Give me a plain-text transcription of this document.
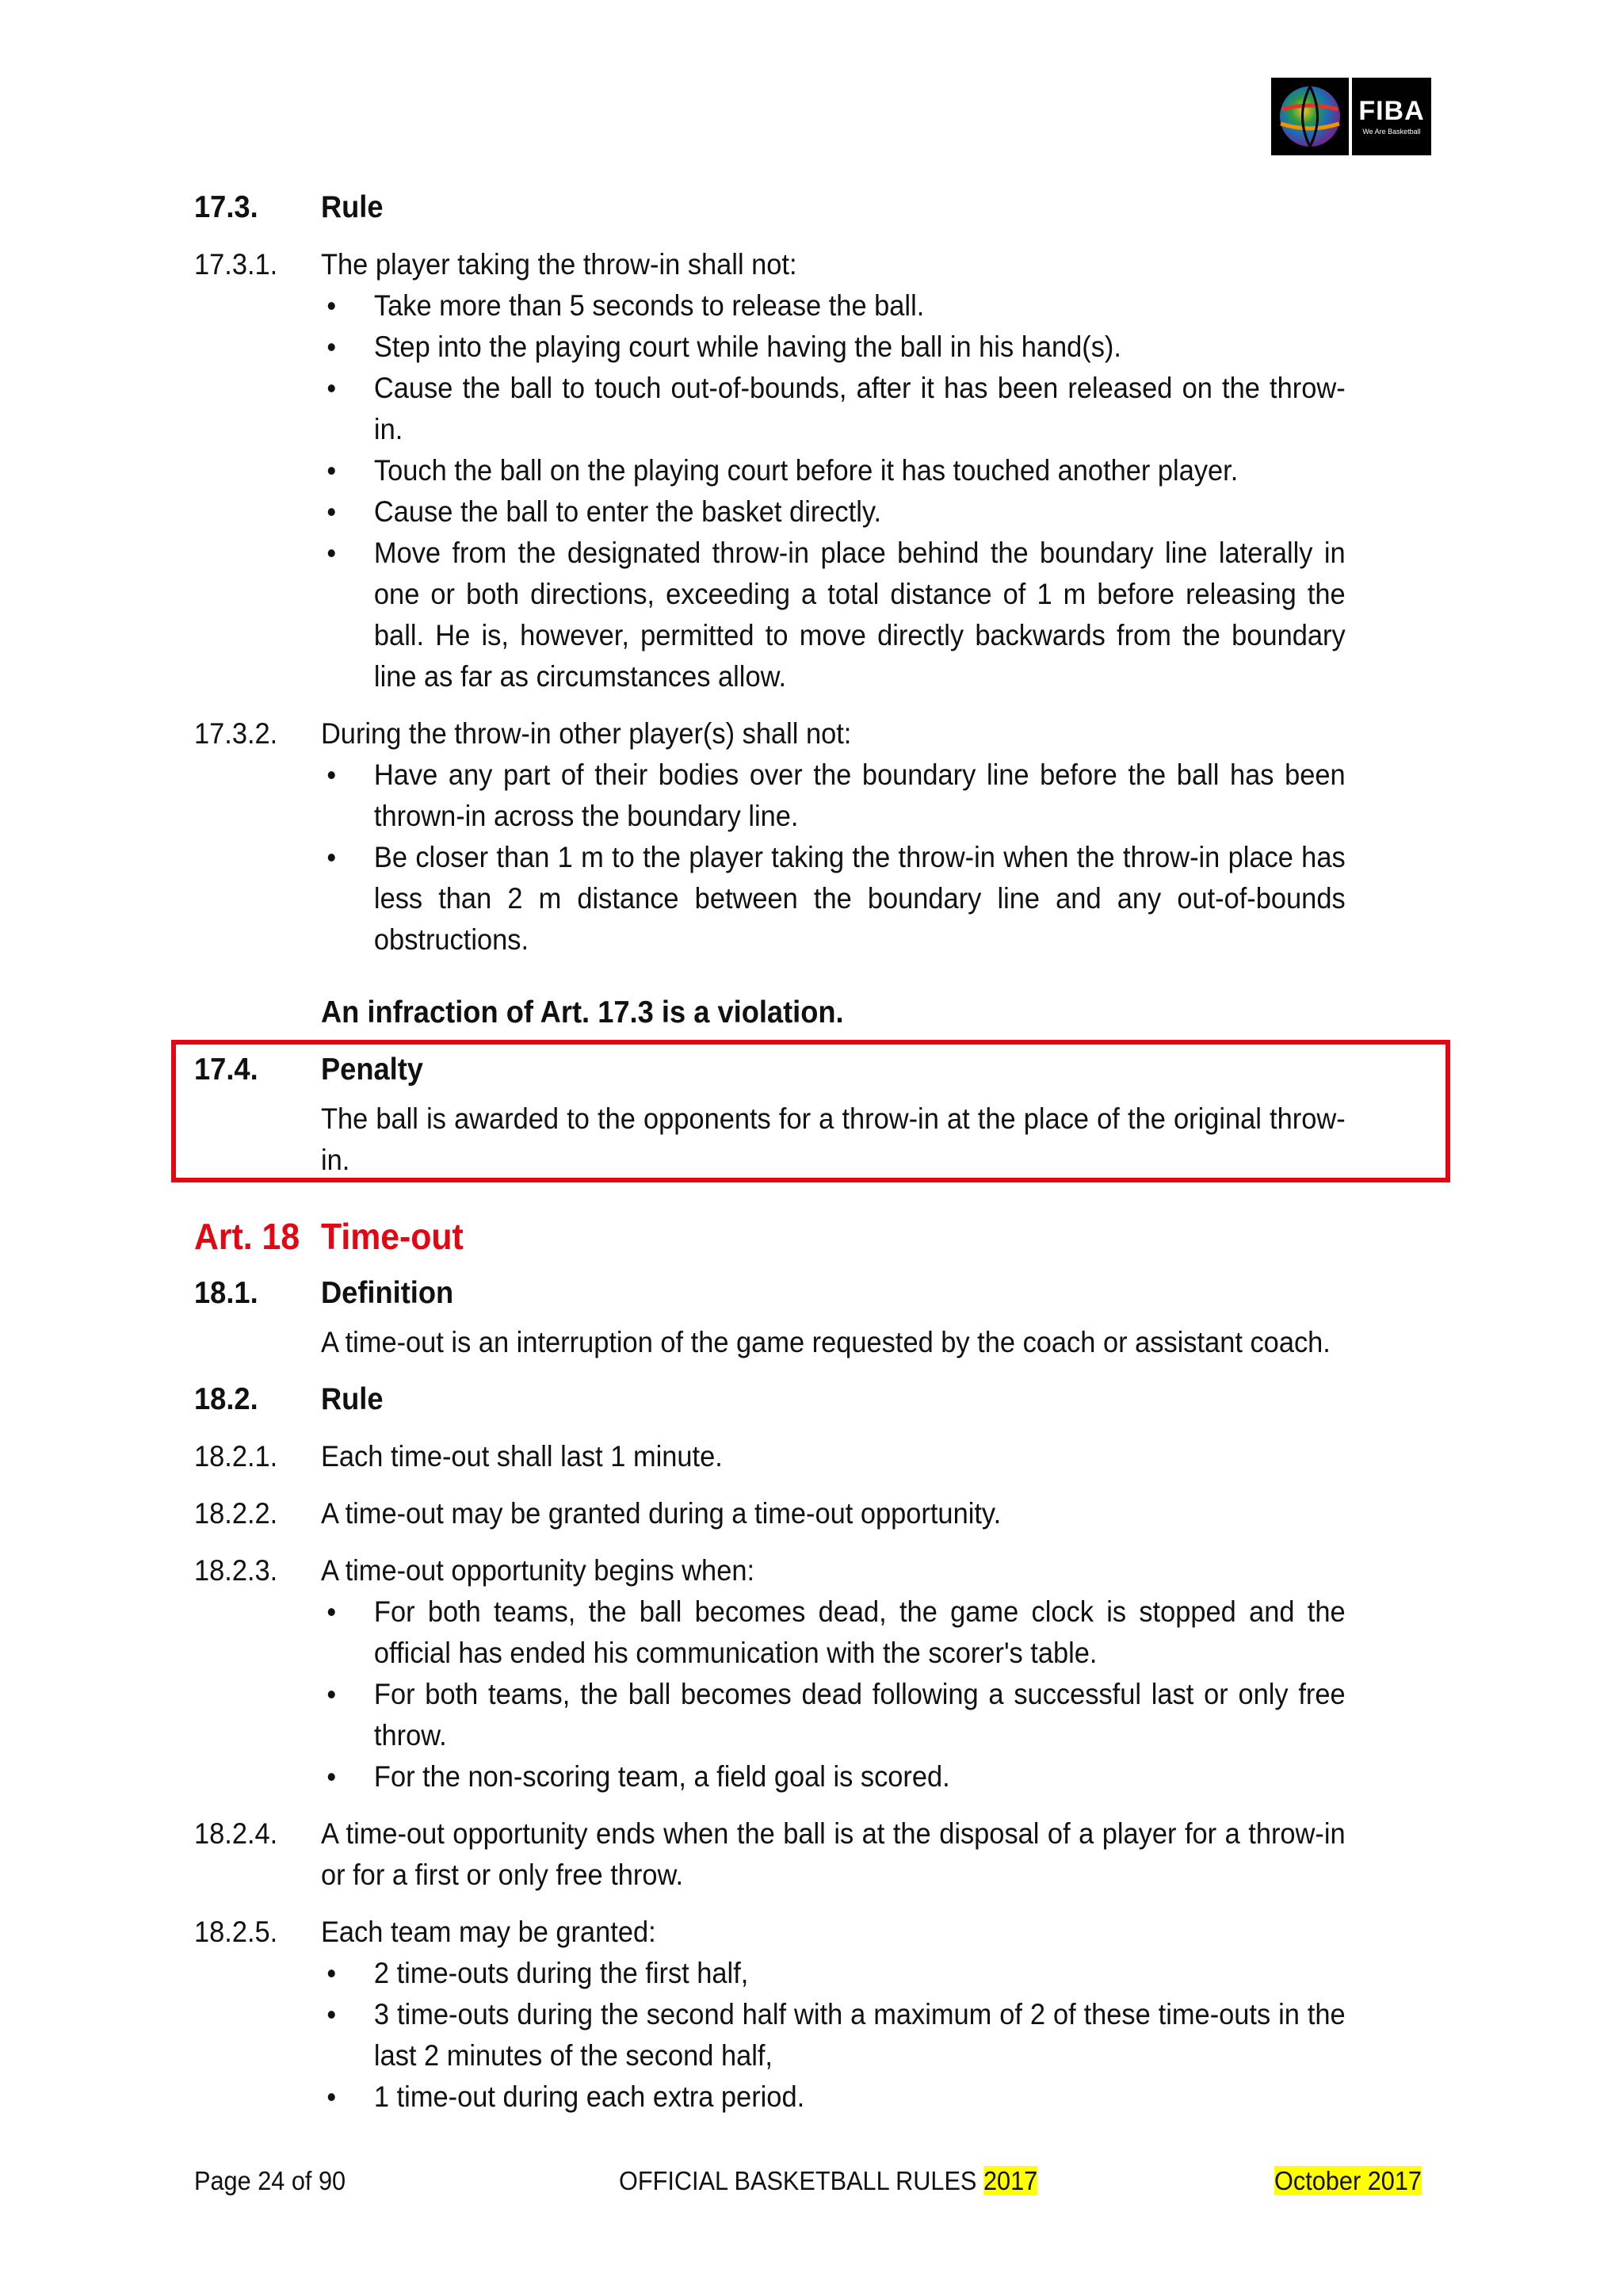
FIBA
We Are Basketball
17.3.	Rule
17.3.1.	The player taking the throw-in shall not:
• Take more than 5 seconds to release the ball.
• Step into the playing court while having the ball in his hand(s).
• Cause the ball to touch out-of-bounds, after it has been released on the throw-in.
• Touch the ball on the playing court before it has touched another player.
• Cause the ball to enter the basket directly.
• Move from the designated throw-in place behind the boundary line laterally in one or both directions, exceeding a total distance of 1 m before releasing the ball. He is, however, permitted to move directly backwards from the boundary line as far as circumstances allow.
17.3.2.	During the throw-in other player(s) shall not:
• Have any part of their bodies over the boundary line before the ball has been thrown-in across the boundary line.
• Be closer than 1 m to the player taking the throw-in when the throw-in place has less than 2 m distance between the boundary line and any out-of-bounds obstructions.
An infraction of Art. 17.3 is a violation.
17.4.	Penalty
The ball is awarded to the opponents for a throw-in at the place of the original throw-in.
Art. 18 Time-out
18.1.	Definition
A time-out is an interruption of the game requested by the coach or assistant coach.
18.2.	Rule
18.2.1.	Each time-out shall last 1 minute.
18.2.2.	A time-out may be granted during a time-out opportunity.
18.2.3.	A time-out opportunity begins when:
• For both teams, the ball becomes dead, the game clock is stopped and the official has ended his communication with the scorer's table.
• For both teams, the ball becomes dead following a successful last or only free throw.
• For the non-scoring team, a field goal is scored.
18.2.4.	A time-out opportunity ends when the ball is at the disposal of a player for a throw-in or for a first or only free throw.
18.2.5.	Each team may be granted:
• 2 time-outs during the first half,
• 3 time-outs during the second half with a maximum of 2 of these time-outs in the last 2 minutes of the second half,
• 1 time-out during each extra period.
Page 24 of 90	OFFICIAL BASKETBALL RULES 2017	October 2017
